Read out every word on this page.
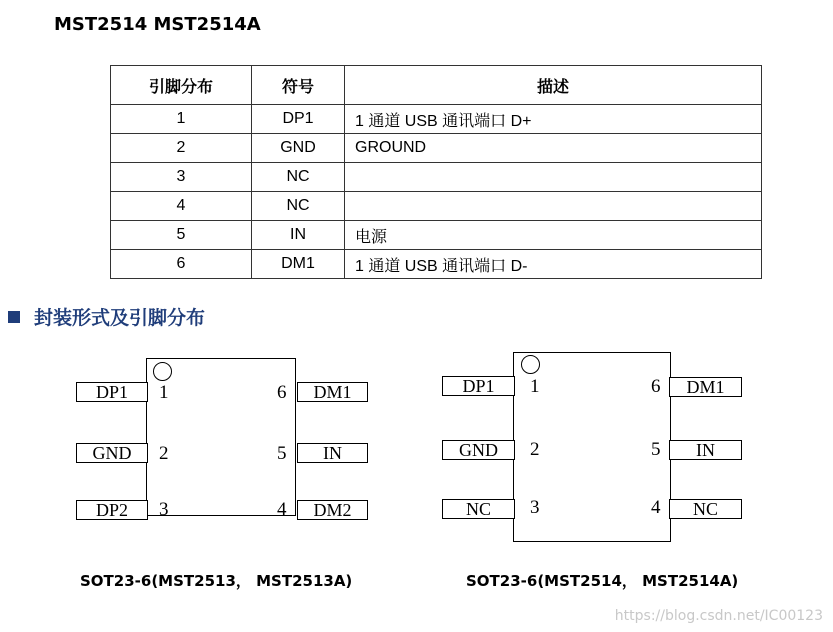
MST2514 MST2514A
引脚分布	符号	描述
1	DP1	1 通道 USB 通讯端口 D+
2	GND	GROUND
3	NC	
4	NC	
5	IN	电源
6	DM1	1 通道 USB 通讯端口 D-
封装形式及引脚分布
DP1	1
GND	2
DP2	3
6	DM1
5	IN
4	DM2
SOT23-6(MST2513， MST2513A)
DP1	1
GND	2
NC	3
6	DM1
5	IN
4	NC
SOT23-6(MST2514， MST2514A)
https://blog.csdn.net/IC00123
